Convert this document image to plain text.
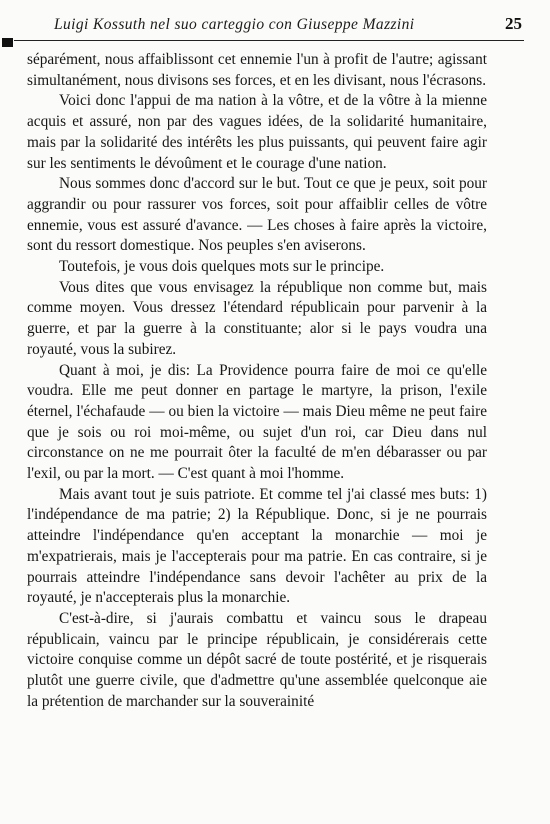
Luigi Kossuth nel suo carteggio con Giuseppe Mazzini	25

séparément, nous affaiblissont cet ennemie l'un à profit de l'autre; agissant simultanément, nous divisons ses forces, et en les divisant, nous l'écrasons.

Voici donc l'appui de ma nation à la vôtre, et de la vôtre à la mienne acquis et assuré, non par des vagues idées, de la solidarité humanitaire, mais par la solidarité des intérêts les plus puissants, qui peuvent faire agir sur les sentiments le dévoûment et le courage d'une nation.

Nous sommes donc d'accord sur le but. Tout ce que je peux, soit pour aggrandir ou pour rassurer vos forces, soit pour affaiblir celles de vôtre ennemie, vous est assuré d'avance. — Les choses à faire après la victoire, sont du ressort domestique. Nos peuples s'en aviserons.

Toutefois, je vous dois quelques mots sur le principe.

Vous dites que vous envisagez la république non comme but, mais comme moyen. Vous dressez l'étendard républicain pour parvenir à la guerre, et par la guerre à la constituante; alor si le pays voudra una royauté, vous la subirez.

Quant à moi, je dis: La Providence pourra faire de moi ce qu'elle voudra. Elle me peut donner en partage le martyre, la prison, l'exile éternel, l'échafaude — ou bien la victoire — mais Dieu même ne peut faire que je sois ou roi moi-même, ou sujet d'un roi, car Dieu dans nul circonstance on ne me pourrait ôter la faculté de m'en débarasser ou par l'exil, ou par la mort. — C'est quant à moi l'homme.

Mais avant tout je suis patriote. Et comme tel j'ai classé mes buts: 1) l'indépendance de ma patrie; 2) la République. Donc, si je ne pourrais atteindre l'indépendance qu'en acceptant la monarchie — moi je m'expatrierais, mais je l'accepterais pour ma patrie. En cas contraire, si je pourrais atteindre l'indépendance sans devoir l'achêter au prix de la royauté, je n'accepterais plus la monarchie.

C'est-à-dire, si j'aurais combattu et vaincu sous le drapeau républicain, vaincu par le principe républicain, je considérerais cette victoire conquise comme un dépôt sacré de toute postérité, et je risquerais plutôt une guerre civile, que d'admettre qu'une assemblée quelconque aie la prétention de marchander sur la souverainité
